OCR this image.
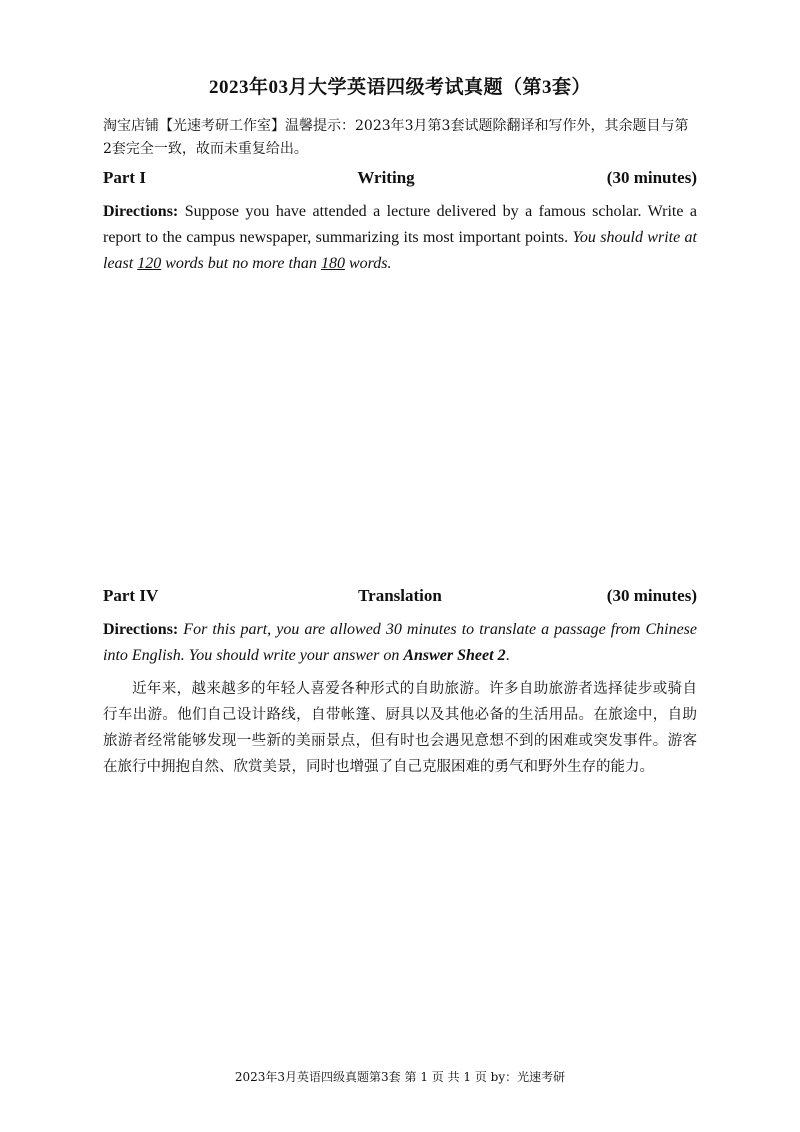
2023年03月大学英语四级考试真题（第3套）
淘宝店铺【光速考研工作室】温馨提示：2023年3月第3套试题除翻译和写作外，其余题目与第2套完全一致，故而未重复给出。
Part I	Writing	(30 minutes)
Directions: Suppose you have attended a lecture delivered by a famous scholar. Write a report to the campus newspaper, summarizing its most important points. You should write at least 120 words but no more than 180 words.
Part IV	Translation	(30 minutes)
Directions: For this part, you are allowed 30 minutes to translate a passage from Chinese into English. You should write your answer on Answer Sheet 2.
近年来，越来越多的年轻人喜爱各种形式的自助旅游。许多自助旅游者选择徒步或骑自行车出游。他们自己设计路线，自带帐篷、厨具以及其他必备的生活用品。在旅途中，自助旅游者经常能够发现一些新的美丽景点，但有时也会遇见意想不到的困难或突发事件。游客在旅行中拥抱自然、欣赏美景，同时也增强了自己克服困难的勇气和野外生存的能力。
2023年3月英语四级真题第3套 第 1 页 共 1 页 by：光速考研
